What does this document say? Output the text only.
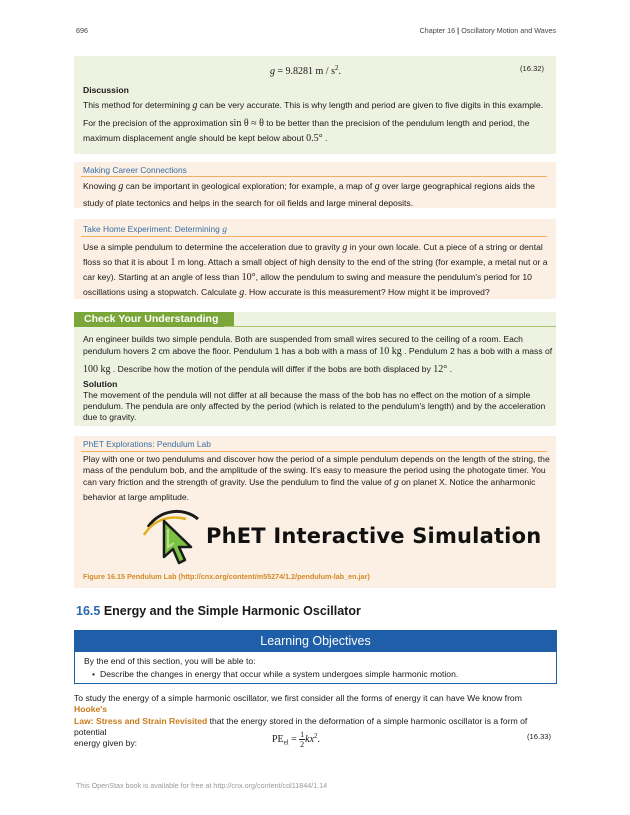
696	Chapter 16 | Oscillatory Motion and Waves
g = 9.8281 m / $s^2$.	(16.32)
Discussion

This method for determining g can be very accurate. This is why length and period are given to five digits in this example.

For the precision of the approximation sin θ ≈ θ to be better than the precision of the pendulum length and period, the

maximum displacement angle should be kept below about 0.5° .

Making Career Connections

Knowing g can be important in geological exploration; for example, a map of g over large geographical regions aids the

study of plate tectonics and helps in the search for oil fields and large mineral deposits.

Take Home Experiment: Determining g

Use a simple pendulum to determine the acceleration due to gravity g in your own locale. Cut a piece of a string or dental

floss so that it is about 1 m long. Attach a small object of high density to the end of the string (for example, a metal nut or a

car key). Starting at an angle of less than 10°, allow the pendulum to swing and measure the pendulum's period for 10

oscillations using a stopwatch. Calculate g. How accurate is this measurement? How might it be improved?

Check Your Understanding

An engineer builds two simple pendula. Both are suspended from small wires secured to the ceiling of a room. Each

pendulum hovers 2 cm above the floor. Pendulum 1 has a bob with a mass of 10 kg . Pendulum 2 has a bob with a mass of

100 kg . Describe how the motion of the pendula will differ if the bobs are both displaced by 12° .

Solution

The movement of the pendula will not differ at all because the mass of the bob has no effect on the motion of a simple

pendulum. The pendula are only affected by the period (which is related to the pendulum's length) and by the acceleration

due to gravity.

PhET Explorations: Pendulum Lab

Play with one or two pendulums and discover how the period of a simple pendulum depends on the length of the string, the

mass of the pendulum bob, and the amplitude of the swing. It's easy to measure the period using the photogate timer. You

can vary friction and the strength of gravity. Use the pendulum to find the value of g on planet X. Notice the anharmonic

behavior at large amplitude.

PhET Interactive Simulation
Figure 16.15 Pendulum Lab (http://cnx.org/content/m55274/1.2/pendulum-lab_en.jar)
16.5 Energy and the Simple Harmonic Oscillator
Learning Objectives
By the end of this section, you will be able to:
• Describe the changes in energy that occur while a system undergoes simple harmonic motion.

To study the energy of a simple harmonic oscillator, we first consider all the forms of energy it can have We know from Hooke's

Law: Stress and Strain Revisited that the energy stored in the deformation of a simple harmonic oscillator is a form of potential

energy given by:	$PE_{el} = \frac{1}{2} kx^2$.	(16.33)
This OpenStax book is available for free at http://cnx.org/content/col11844/1.14
